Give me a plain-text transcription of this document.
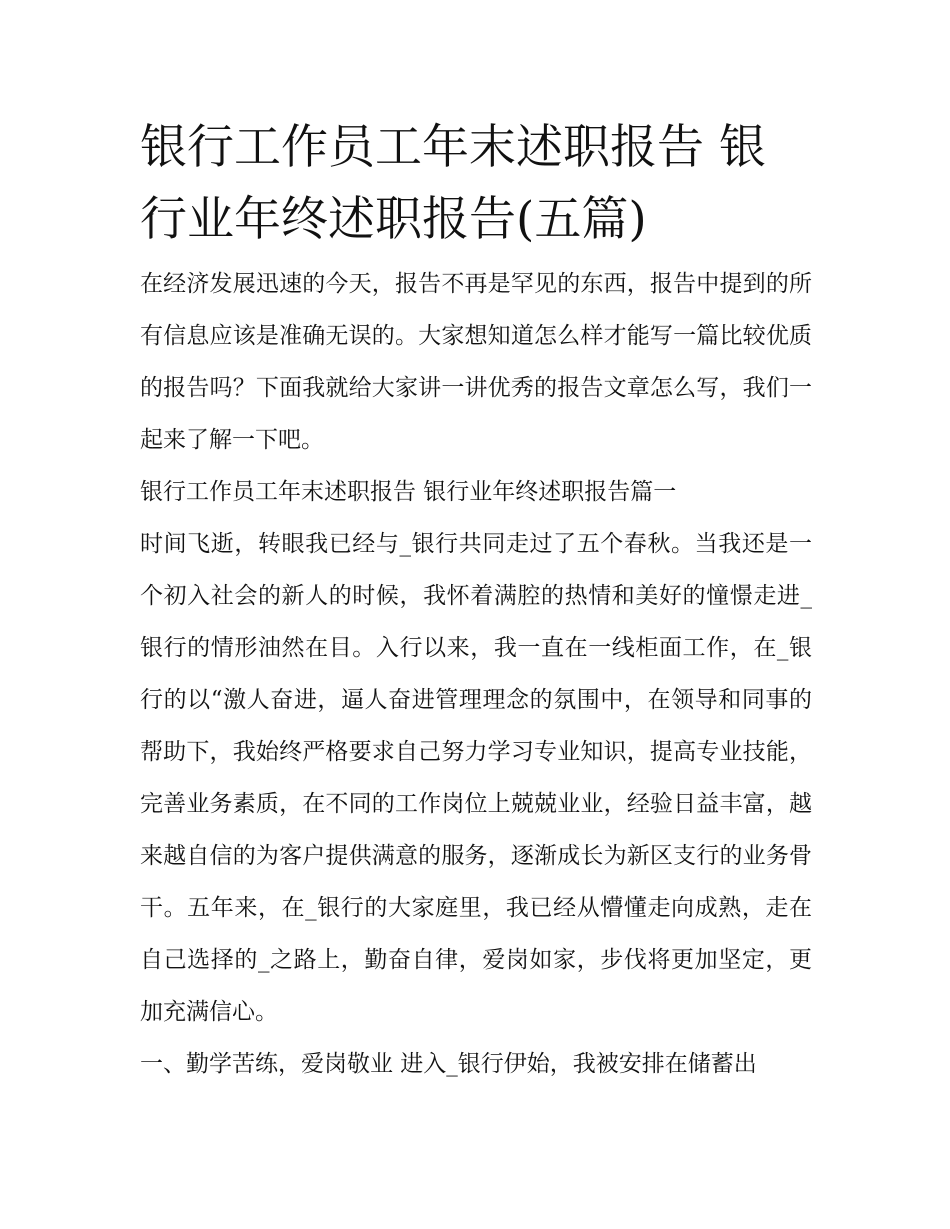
银行工作员工年末述职报告 银行业年终述职报告(五篇)

在经济发展迅速的今天，报告不再是罕见的东西，报告中提到的所有信息应该是准确无误的。大家想知道怎么样才能写一篇比较优质的报告吗？下面我就给大家讲一讲优秀的报告文章怎么写，我们一起来了解一下吧。

银行工作员工年末述职报告 银行业年终述职报告篇一

时间飞逝，转眼我已经与_银行共同走过了五个春秋。当我还是一个初入社会的新人的时候，我怀着满腔的热情和美好的憧憬走进_银行的情形油然在目。入行以来，我一直在一线柜面工作，在_银行的以“激人奋进，逼人奋进管理理念的氛围中，在领导和同事的帮助下，我始终严格要求自己努力学习专业知识，提高专业技能，完善业务素质，在不同的工作岗位上兢兢业业，经验日益丰富，越来越自信的为客户提供满意的服务，逐渐成长为新区支行的业务骨干。五年来，在_银行的大家庭里，我已经从懵懂走向成熟，走在自己选择的_之路上，勤奋自律，爱岗如家，步伐将更加坚定，更加充满信心。

一、勤学苦练，爱岗敬业 进入_银行伊始，我被安排在储蓄出
